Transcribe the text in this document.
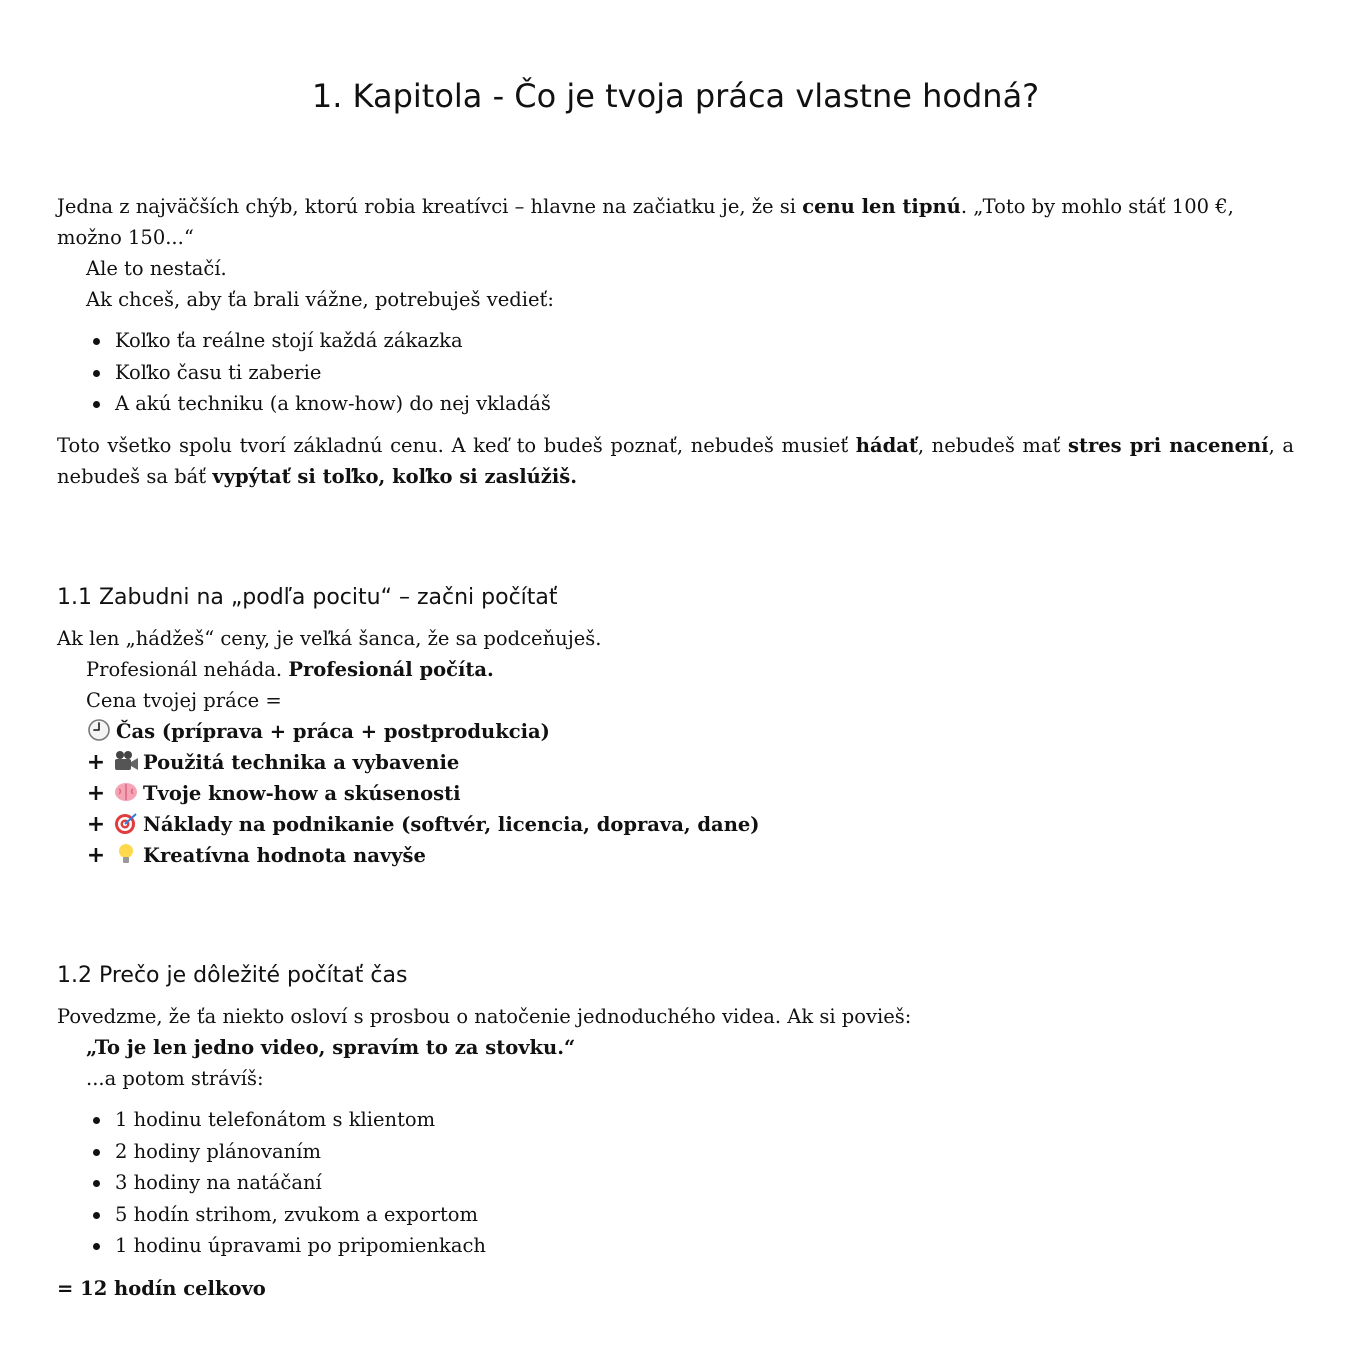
1. Kapitola - Čo je tvoja práca vlastne hodná?

Jedna z najväčších chýb, ktorú robia kreatívci – hlavne na začiatku je, že si cenu len tipnú. „Toto by mohlo stáť 100 €, možno 150...“

Ale to nestačí.

Ak chceš, aby ťa brali vážne, potrebuješ vedieť:

Koľko ťa reálne stojí každá zákazka
Koľko času ti zaberie
A akú techniku (a know-how) do nej vkladáš

Toto všetko spolu tvorí základnú cenu. A keď to budeš poznať, nebudeš musieť hádať, nebudeš mať stres pri nacenení, a nebudeš sa báť vypýtať si toľko, koľko si zaslúžiš.

1.1 Zabudni na „podľa pocitu“ – začni počítať

Ak len „hádžeš“ ceny, je veľká šanca, že sa podceňuješ.

Profesionál nehádа. Profesionál počíta.

Cena tvojej práce =

Čas (príprava + práca + postprodukcia)
+ Použitá technika a vybavenie
+ Tvoje know-how a skúsenosti
+ Náklady na podnikanie (softvér, licencia, doprava, dane)
+ Kreatívna hodnota navyše
1.2 Prečo je dôležité počítať čas

Povedzme, že ťa niekto osloví s prosbou o natočenie jednoduchého videa. Ak si povieš:

„To je len jedno video, spravím to za stovku.“

...a potom strávíš:

1 hodinu telefonátom s klientom
2 hodiny plánovaním
3 hodiny na natáčaní
5 hodín strihom, zvukom a exportom
1 hodinu úpravami po pripomienkach

= 12 hodín celkovo
